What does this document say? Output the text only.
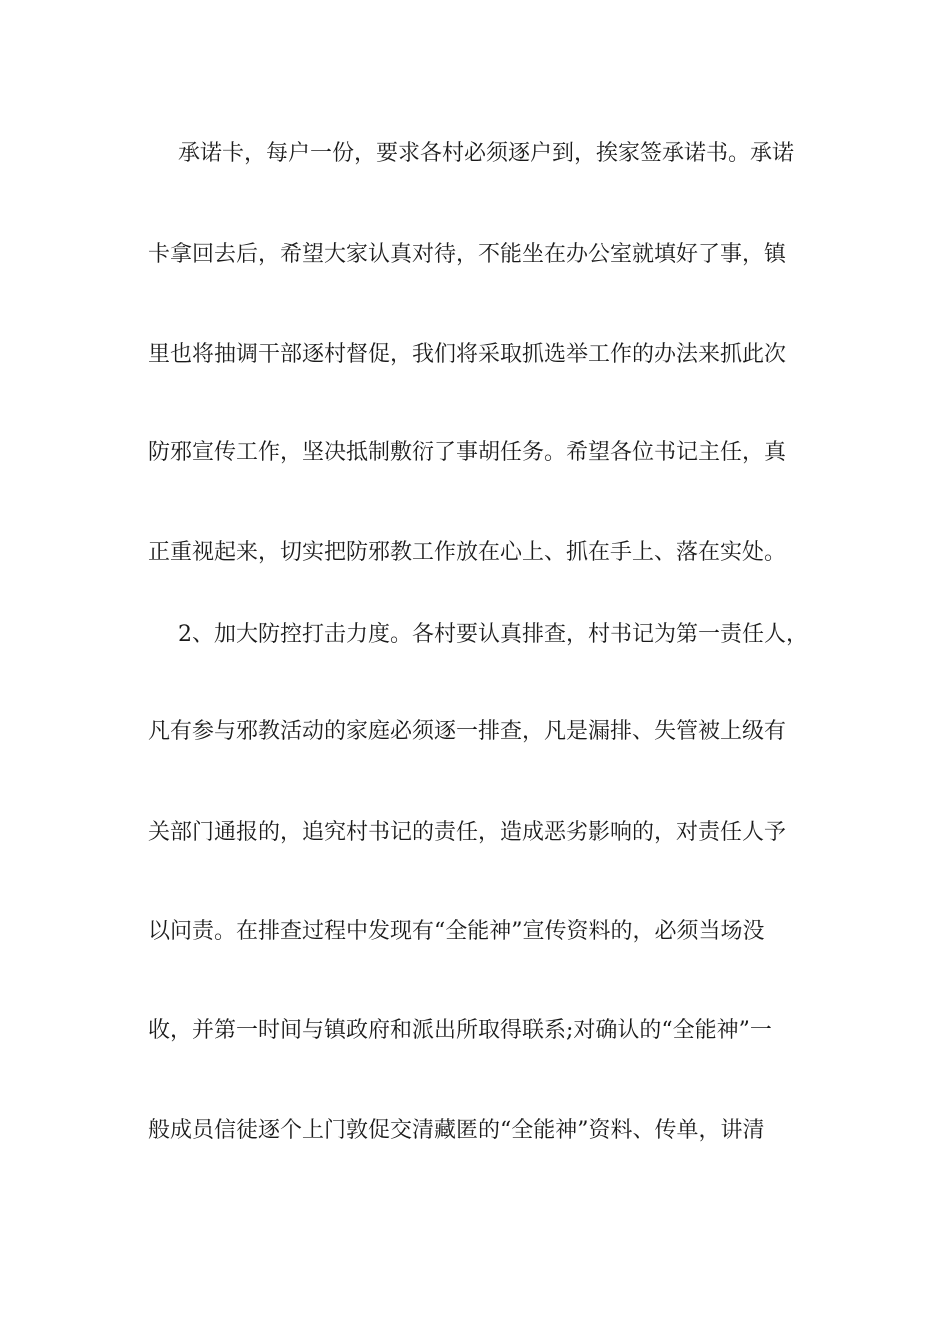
承诺卡，每户一份，要求各村必须逐户到，挨家签承诺书。承诺
卡拿回去后，希望大家认真对待，不能坐在办公室就填好了事，镇
里也将抽调干部逐村督促，我们将采取抓选举工作的办法来抓此次
防邪宣传工作，坚决抵制敷衍了事胡任务。希望各位书记主任，真
正重视起来，切实把防邪教工作放在心上、抓在手上、落在实处。
2、加大防控打击力度。各村要认真排查，村书记为第一责任人，
凡有参与邪教活动的家庭必须逐一排查，凡是漏排、失管被上级有
关部门通报的，追究村书记的责任，造成恶劣影响的，对责任人予
以问责。在排查过程中发现有“全能神”宣传资料的，必须当场没
收，并第一时间与镇政府和派出所取得联系;对确认的“全能神”一
般成员信徒逐个上门敦促交清藏匿的“全能神”资料、传单，讲清
